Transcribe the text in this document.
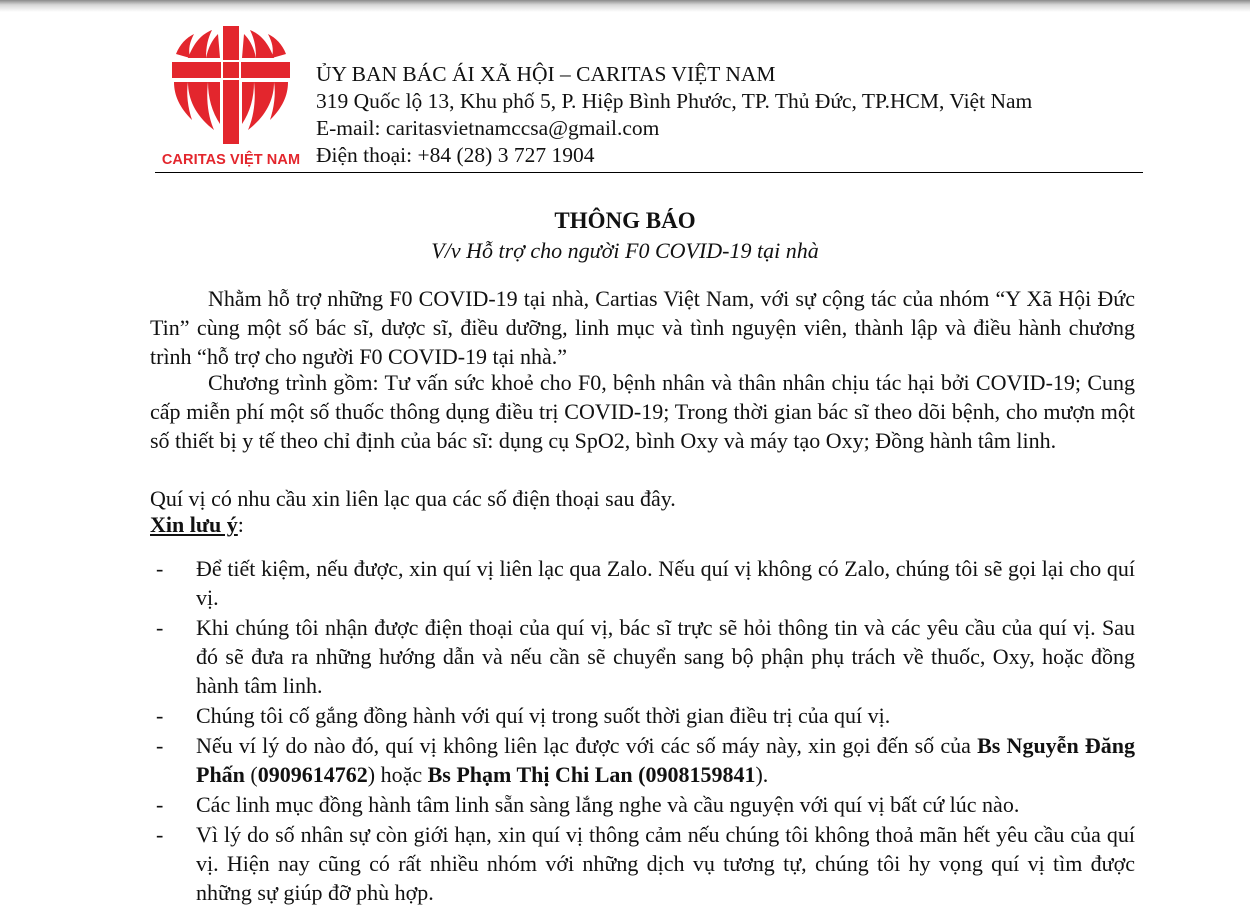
CARITAS VIỆT NAM
ỦY BAN BÁC ÁI XÃ HỘI – CARITAS VIỆT NAM
319 Quốc lộ 13, Khu phố 5, P. Hiệp Bình Phước, TP. Thủ Đức, TP.HCM, Việt Nam
E-mail: caritasvietnamccsa@gmail.com
Điện thoại: +84 (28) 3 727 1904
THÔNG BÁO
V/v Hỗ trợ cho người F0 COVID-19 tại nhà
Nhằm hỗ trợ những F0 COVID-19 tại nhà, Cartias Việt Nam, với sự cộng tác của nhóm “Y Xã Hội Đức Tin” cùng một số bác sĩ, dược sĩ, điều dưỡng, linh mục và tình nguyện viên, thành lập và điều hành chương trình “hỗ trợ cho người F0 COVID-19 tại nhà.”
Chương trình gồm: Tư vấn sức khoẻ cho F0, bệnh nhân và thân nhân chịu tác hại bởi COVID-19; Cung cấp miễn phí một số thuốc thông dụng điều trị COVID-19; Trong thời gian bác sĩ theo dõi bệnh, cho mượn một số thiết bị y tế theo chỉ định của bác sĩ: dụng cụ SpO2, bình Oxy và máy tạo Oxy; Đồng hành tâm linh.
Quí vị có nhu cầu xin liên lạc qua các số điện thoại sau đây.
Xin lưu ý:
- Để tiết kiệm, nếu được, xin quí vị liên lạc qua Zalo. Nếu quí vị không có Zalo, chúng tôi sẽ gọi lại cho quí vị.
- Khi chúng tôi nhận được điện thoại của quí vị, bác sĩ trực sẽ hỏi thông tin và các yêu cầu của quí vị. Sau đó sẽ đưa ra những hướng dẫn và nếu cần sẽ chuyển sang bộ phận phụ trách về thuốc, Oxy, hoặc đồng hành tâm linh.
- Chúng tôi cố gắng đồng hành với quí vị trong suốt thời gian điều trị của quí vị.
- Nếu ví lý do nào đó, quí vị không liên lạc được với các số máy này, xin gọi đến số của Bs Nguyễn Đăng Phấn (0909614762) hoặc Bs Phạm Thị Chi Lan (0908159841).
- Các linh mục đồng hành tâm linh sẵn sàng lắng nghe và cầu nguyện với quí vị bất cứ lúc nào.
- Vì lý do số nhân sự còn giới hạn, xin quí vị thông cảm nếu chúng tôi không thoả mãn hết yêu cầu của quí vị. Hiện nay cũng có rất nhiều nhóm với những dịch vụ tương tự, chúng tôi hy vọng quí vị tìm được những sự giúp đỡ phù hợp.
